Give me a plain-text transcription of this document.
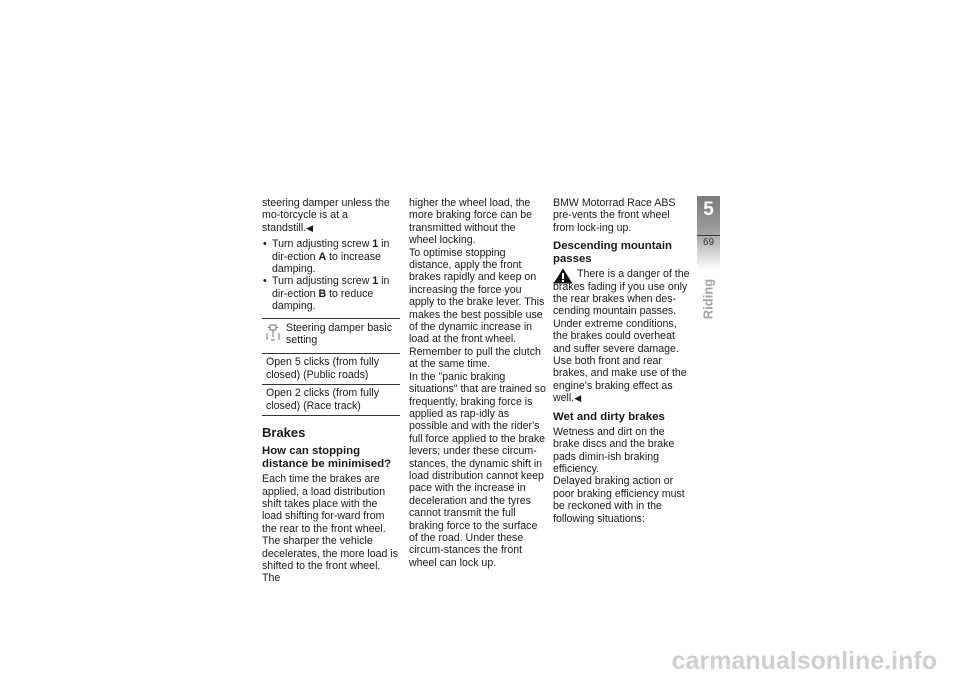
steering damper unless the mo-torcycle is at a standstill.◀

• Turn adjusting screw 1 in dir-ection A to increase damping.
• Turn adjusting screw 1 in dir-ection B to reduce damping.
Steering damper basic setting
Open 5 clicks (from fully closed) (Public roads)
Open 2 clicks (from fully closed) (Race track)
Brakes
How can stopping distance be minimised?

Each time the brakes are applied, a load distribution shift takes place with the load shifting for-ward from the rear to the front wheel. The sharper the vehicle decelerates, the more load is shifted to the front wheel. The

higher the wheel load, the more braking force can be transmitted without the wheel locking.

To optimise stopping distance, apply the front brakes rapidly and keep on increasing the force you apply to the brake lever. This makes the best possible use of the dynamic increase in load at the front wheel. Remember to pull the clutch at the same time.

In the "panic braking situations" that are trained so frequently, braking force is applied as rap-idly as possible and with the rider's full force applied to the brake levers; under these circum-stances, the dynamic shift in load distribution cannot keep pace with the increase in deceleration and the tyres cannot transmit the full braking force to the surface of the road. Under these circum-stances the front wheel can lock up.

BMW Motorrad Race ABS pre-vents the front wheel from lock-ing up.

Descending mountain passes

There is a danger of the brakes fading if you use only the rear brakes when des-cending mountain passes. Under extreme conditions, the brakes could overheat and suffer severe damage.

Use both front and rear brakes, and make use of the engine's braking effect as well.◀

Wet and dirty brakes

Wetness and dirt on the brake discs and the brake pads dimin-ish braking efficiency.

Delayed braking action or poor braking efficiency must be reckoned with in the following situations:

5
69
Riding
carmanualsonline.info
